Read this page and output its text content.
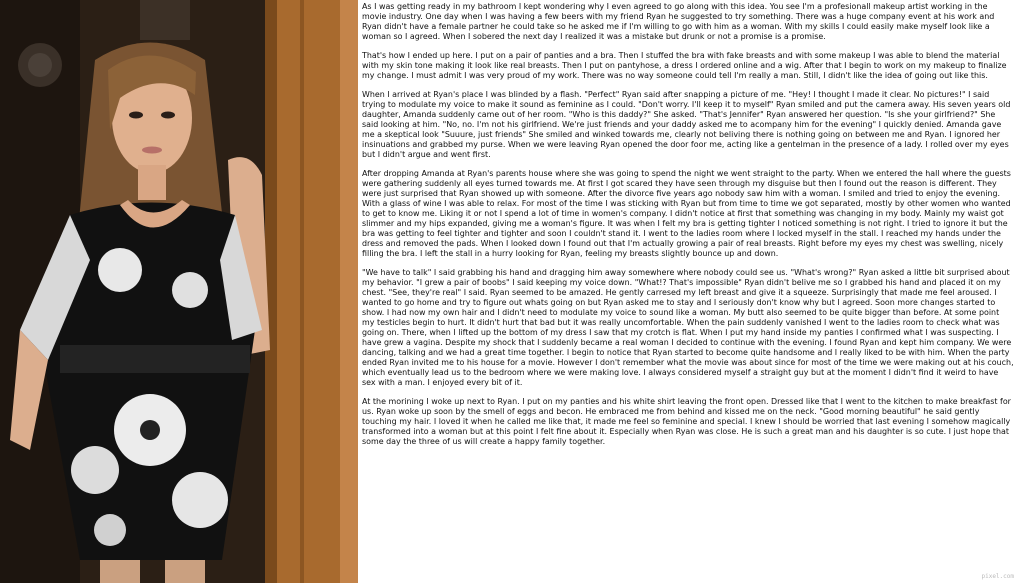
As I was getting ready in my bathroom I kept wondering why I even agreed to go along with this idea. You see I'm a profesionall makeup artist working in the movie industry. One day when I was having a few beers with my friend Ryan he suggested to try something. There was a huge company event at his work and Ryan didn't have a female partner he could take so he asked me if I'm willing to go with him as a woman. With my skills I could easily make myself look like a woman so I agreed. When I sobered the next day I realized it was a mistake but drunk or not a promise is a promise.

That's how I ended up here. I put on a pair of panties and a bra. Then I stuffed the bra with fake breasts and with some makeup I was able to blend the material with my skin tone making it look like real breasts. Then I put on pantyhose, a dress I ordered online and a wig. After that I begin to work on my makeup to finalize my change. I must admit I was very proud of my work. There was no way someone could tell I'm really a man. Still, I didn't like the idea of going out like this.

When I arrived at Ryan's place I was blinded by a flash. "Perfect" Ryan said after snapping a picture of me. "Hey! I thought I made it clear. No pictures!" I said trying to modulate my voice to make it sound as feminine as I could. "Don't worry. I'll keep it to myself" Ryan smiled and put the camera away. His seven years old daughter, Amanda suddenly came out of her room. "Who is this daddy?" She asked. "That's Jennifer" Ryan answered her question. "Is she your girlfriend?" She said looking at him. "No, no. I'm not his girlfriend. We're just friends and your daddy asked me to acompany him for the evening" I quickly denied. Amanda gave me a skeptical look "Suuure, just friends" She smiled and winked towards me, clearly not beliving there is nothing going on between me and Ryan. I ignored her insinuations and grabbed my purse. When we were leaving Ryan opened the door foor me, acting like a gentelman in the presence of a lady. I rolled over my eyes but I didn't argue and went first.

After dropping Amanda at Ryan's parents house where she was going to spend the night we went straight to the party. When we entered the hall where the guests were gathering suddenly all eyes turned towards me. At first I got scared they have seen through my disguise but then I found out the reason is different. They were just surprised that Ryan showed up with someone. After the divorce five years ago nobody saw him with a woman. I smiled and tried to enjoy the evening. With a glass of wine I was able to relax. For most of the time I was sticking with Ryan but from time to time we got separated, mostly by other women who wanted to get to know me. Liking it or not I spend a lot of time in women's company. I didn't notice at first that something was changing in my body. Mainly my waist got slimmer and my hips expanded, giving me a woman's figure. It was when I felt my bra is getting tighter I noticed something is not right. I tried to ignore it but the bra was getting to feel tighter and tighter and soon I couldn't stand it. I went to the ladies room where I locked myself in the stall. I reached my hands under the dress and removed the pads. When I looked down I found out that I'm actually growing a pair of real breasts. Right before my eyes my chest was swelling, nicely filling the bra. I left the stall in a hurry looking for Ryan, feeling my breasts slightly bounce up and down.

"We have to talk" I said grabbing his hand and dragging him away somewhere where nobody could see us. "What's wrong?" Ryan asked a little bit surprised about my behavior. "I grew a pair of boobs" I said keeping my voice down. "What!? That's impossible" Ryan didn't belive me so I grabbed his hand and placed it on my chest. "See, they're real" I said. Ryan seemed to be amazed. He gently carresed my left breast and give it a squeeze. Surprisingly that made me feel aroused. I wanted to go home and try to figure out whats going on but Ryan asked me to stay and I seriously don't know why but I agreed. Soon more changes started to show. I had now my own hair and I didn't need to modulate my voice to sound like a woman. My butt also seemed to be quite bigger than before. At some point my testicles begin to hurt. It didn't hurt that bad but it was really uncomfortable. When the pain suddenly vanished I went to the ladies room to check what was going on. There, when I lifted up the bottom of my dress I saw that my crotch is flat. When I put my hand inside my panties I confirmed what I was suspecting. I have grew a vagina. Despite my shock that I suddenly became a real woman I decided to continue with the evening. I found Ryan and kept him company. We were dancing, talking and we had a great time together. I begin to notice that Ryan started to become quite handsome and I really liked to be with him. When the party ended Ryan invited me to his house for a movie. However I don't remember what the movie was about since for most of the time we were making out at his couch, which eventually lead us to the bedroom where we were making love. I always considered myself a straight guy but at the moment I didn't find it weird to have sex with a man. I enjoyed every bit of it.

At the morining I woke up next to Ryan. I put on my panties and his white shirt leaving the front open. Dressed like that I went to the kitchen to make breakfast for us. Ryan woke up soon by the smell of eggs and becon. He embraced me from behind and kissed me on the neck. "Good morning beautiful" he said gently touching my hair. I loved it when he called me like that, it made me feel so feminine and special. I knew I should be worried that last evening I somehow magically transformed into a woman but at this point I felt fine about it. Especially when Ryan was close. He is such a great man and his daughter is so cute. I just hope that some day the three of us will create a happy family together.

pixel.com
